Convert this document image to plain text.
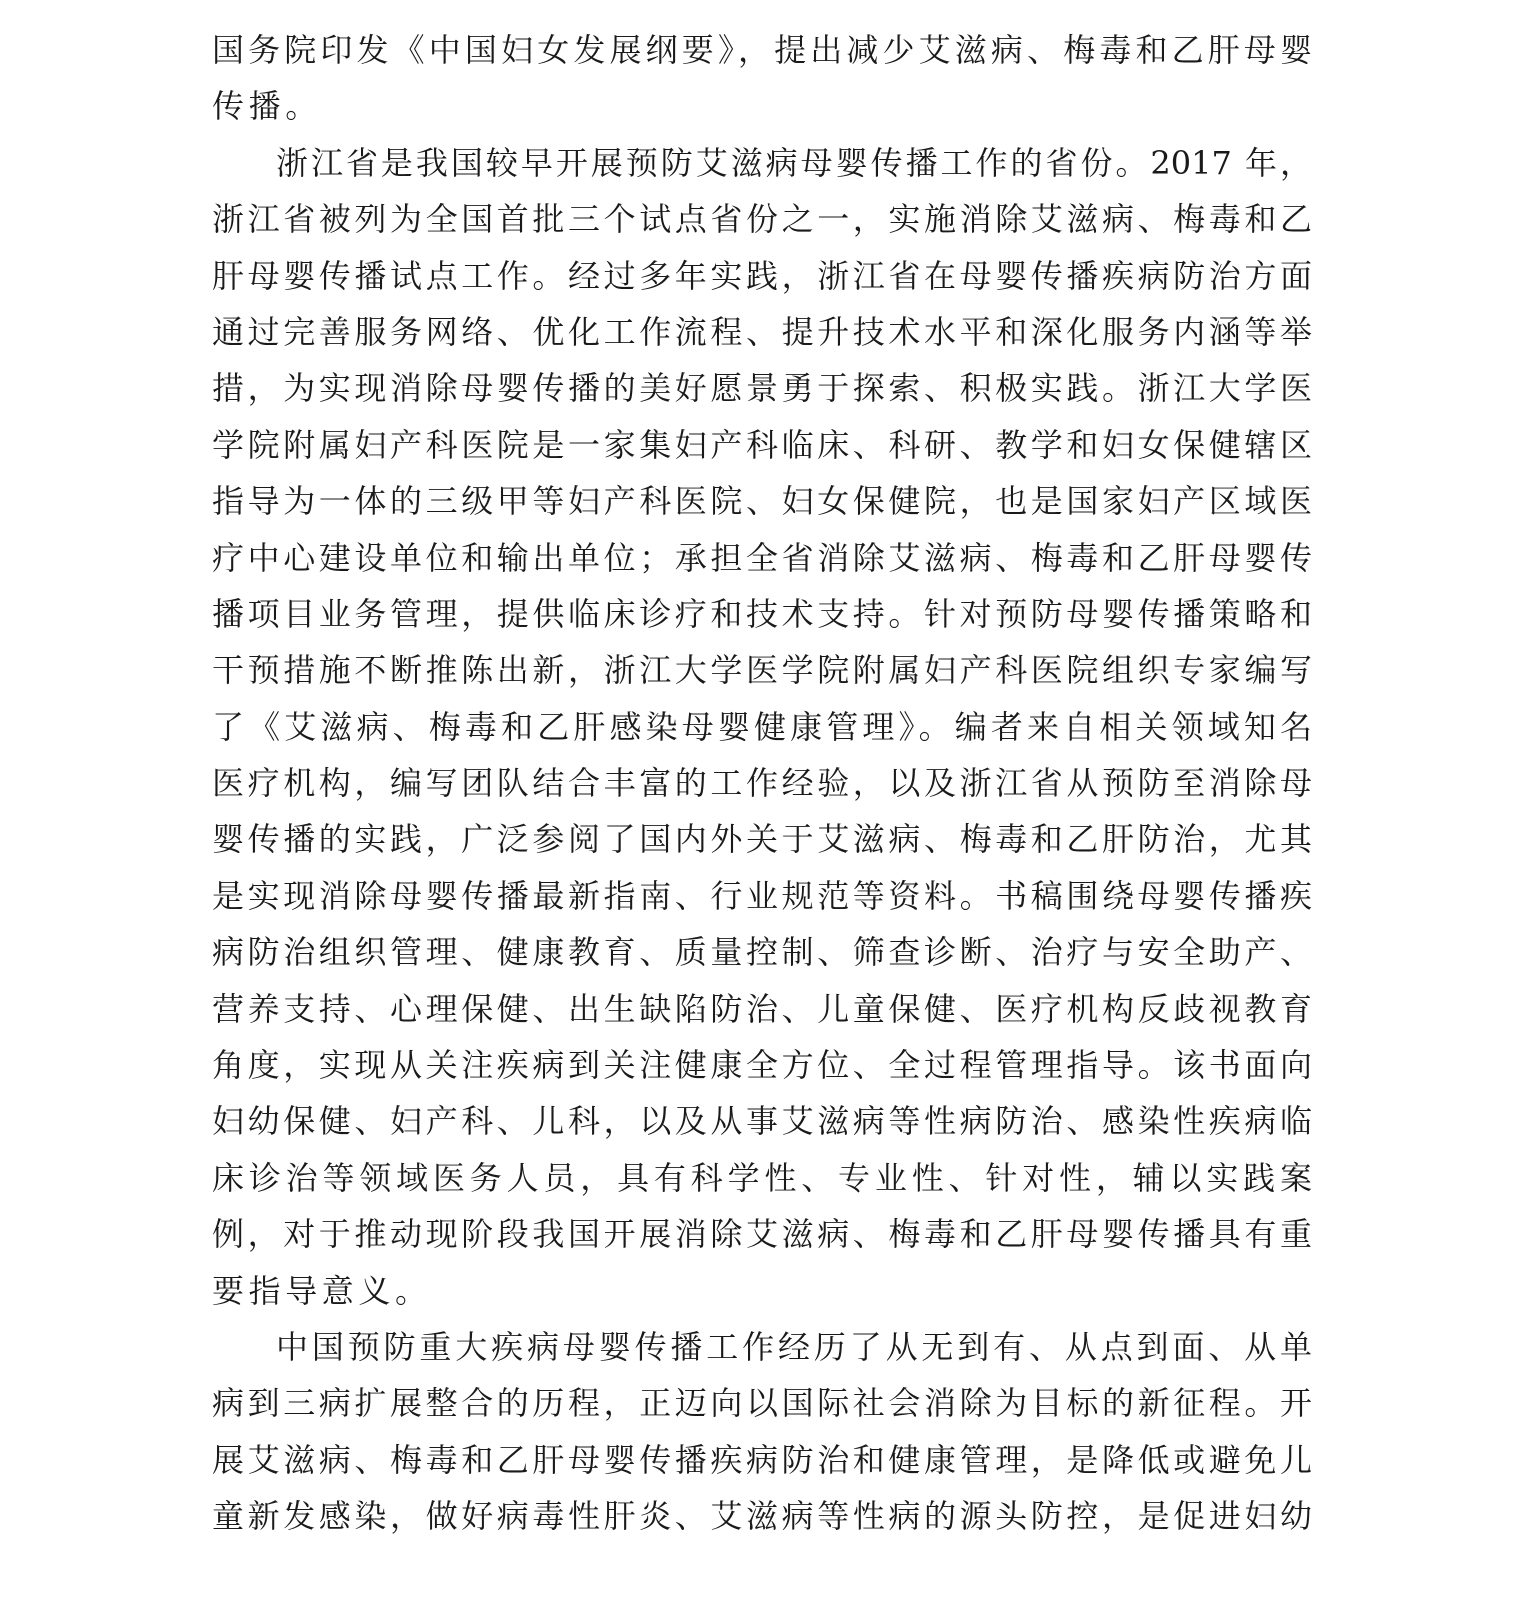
国务院印发《中国妇女发展纲要》，提出减少艾滋病、梅毒和乙肝母婴
传播。
浙江省是我国较早开展预防艾滋病母婴传播工作的省份。2017 年，
浙江省被列为全国首批三个试点省份之一，实施消除艾滋病、梅毒和乙
肝母婴传播试点工作。经过多年实践，浙江省在母婴传播疾病防治方面
通过完善服务网络、优化工作流程、提升技术水平和深化服务内涵等举
措，为实现消除母婴传播的美好愿景勇于探索、积极实践。浙江大学医
学院附属妇产科医院是一家集妇产科临床、科研、教学和妇女保健辖区
指导为一体的三级甲等妇产科医院、妇女保健院，也是国家妇产区域医
疗中心建设单位和输出单位；承担全省消除艾滋病、梅毒和乙肝母婴传
播项目业务管理，提供临床诊疗和技术支持。针对预防母婴传播策略和
干预措施不断推陈出新，浙江大学医学院附属妇产科医院组织专家编写
了《艾滋病、梅毒和乙肝感染母婴健康管理》。编者来自相关领域知名
医疗机构，编写团队结合丰富的工作经验，以及浙江省从预防至消除母
婴传播的实践，广泛参阅了国内外关于艾滋病、梅毒和乙肝防治，尤其
是实现消除母婴传播最新指南、行业规范等资料。书稿围绕母婴传播疾
病防治组织管理、健康教育、质量控制、筛查诊断、治疗与安全助产、
营养支持、心理保健、出生缺陷防治、儿童保健、医疗机构反歧视教育
角度，实现从关注疾病到关注健康全方位、全过程管理指导。该书面向
妇幼保健、妇产科、儿科，以及从事艾滋病等性病防治、感染性疾病临
床诊治等领域医务人员，具有科学性、专业性、针对性，辅以实践案
例，对于推动现阶段我国开展消除艾滋病、梅毒和乙肝母婴传播具有重
要指导意义。
中国预防重大疾病母婴传播工作经历了从无到有、从点到面、从单
病到三病扩展整合的历程，正迈向以国际社会消除为目标的新征程。开
展艾滋病、梅毒和乙肝母婴传播疾病防治和健康管理，是降低或避免儿
童新发感染，做好病毒性肝炎、艾滋病等性病的源头防控，是促进妇幼
